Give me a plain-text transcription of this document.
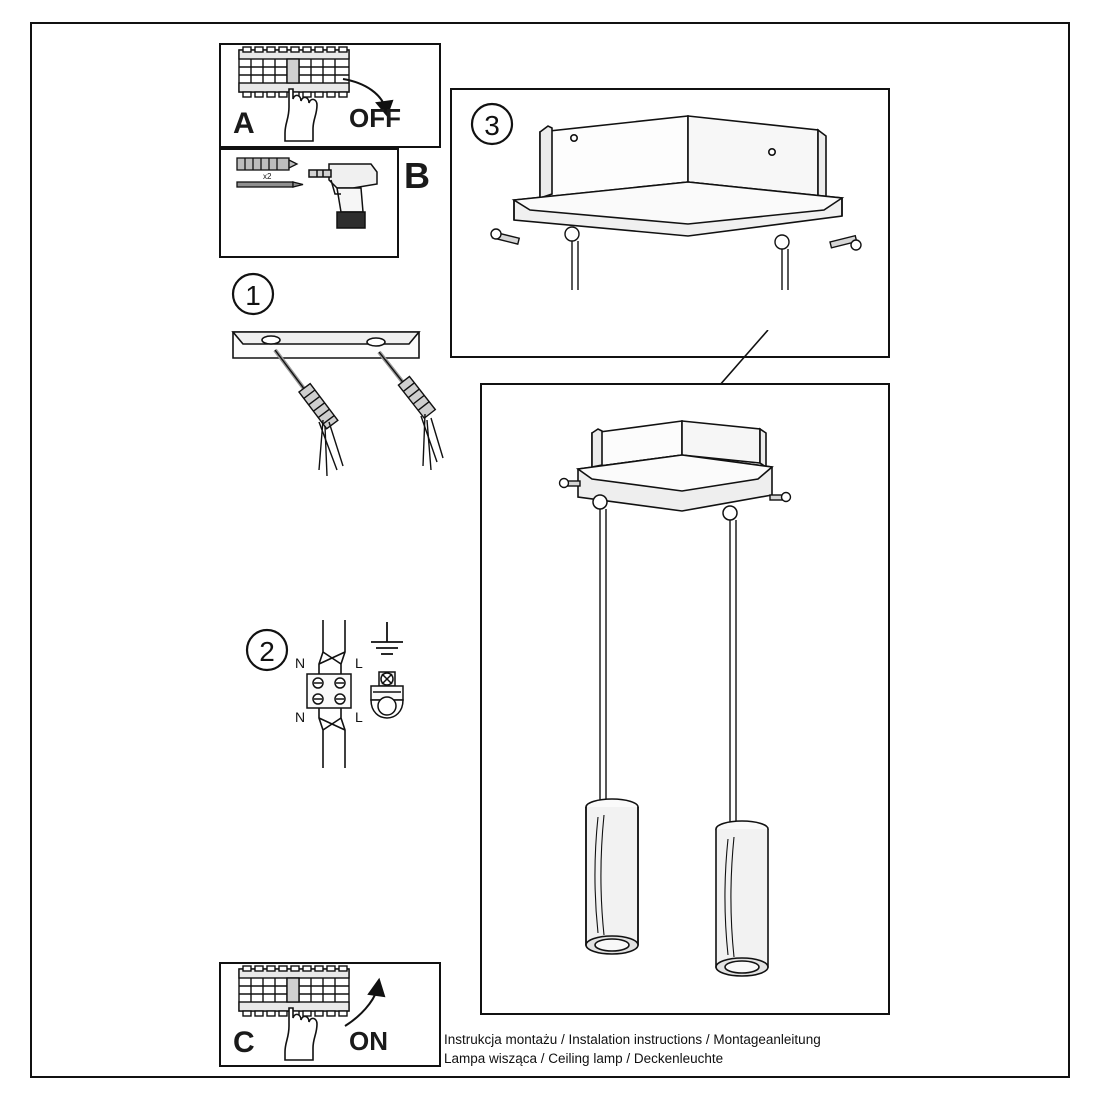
A	OFF
x2	B
3
1
2 N	L
N	L
C	ON	Instrukcja montażu / Instalation instructions / Montageanleitung
Lampa wisząca / Ceiling lamp / Deckenleuchte
